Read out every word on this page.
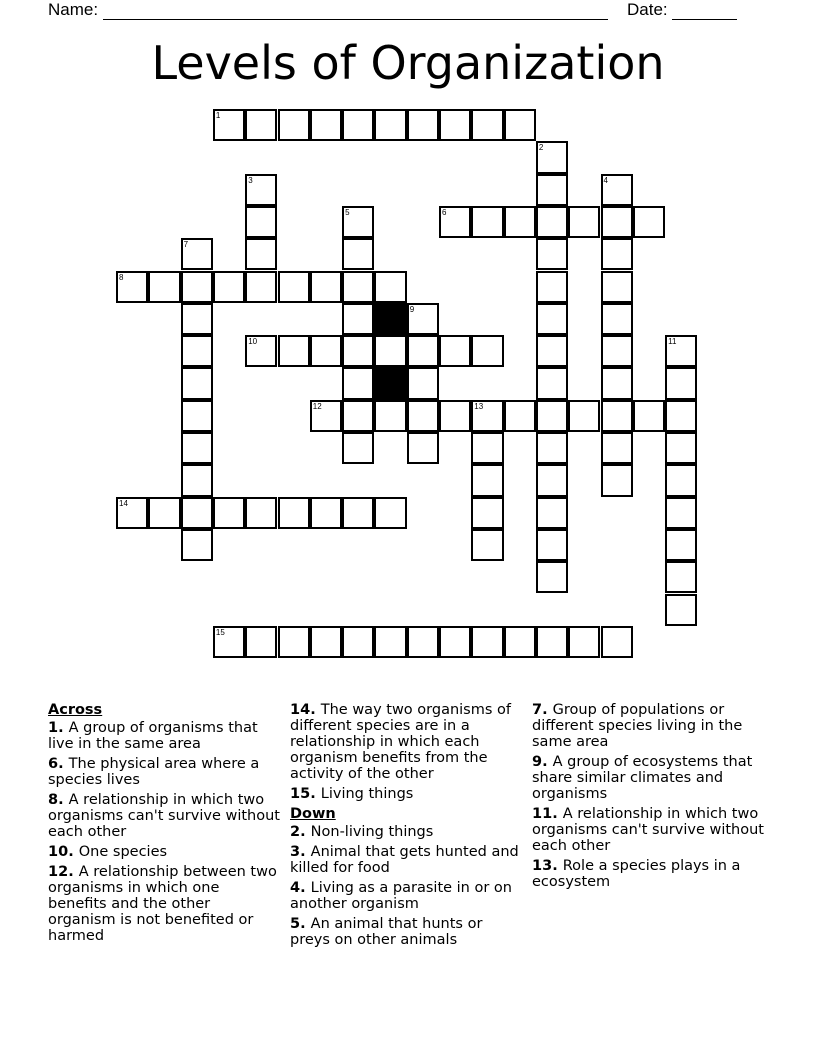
Name:	Date:
Levels of Organization
1
6
8
10
12	13
14
15
2
3	4
5
7
9
11
Across
1. A group of organisms that live in the same area
6. The physical area where a species lives
8. A relationship in which two organisms can't survive without each other
10. One species
12. A relationship between two organisms in which one benefits and the other organism is not benefited or harmed
14. The way two organisms of different species are in a relationship in which each organism benefits from the activity of the other
15. Living things
Down
2. Non-living things
3. Animal that gets hunted and killed for food
4. Living as a parasite in or on another organism
5. An animal that hunts or preys on other animals
7. Group of populations or different species living in the same area
9. A group of ecosystems that share similar climates and organisms
11. A relationship in which two organisms can't survive without each other
13. Role a species plays in a ecosystem
